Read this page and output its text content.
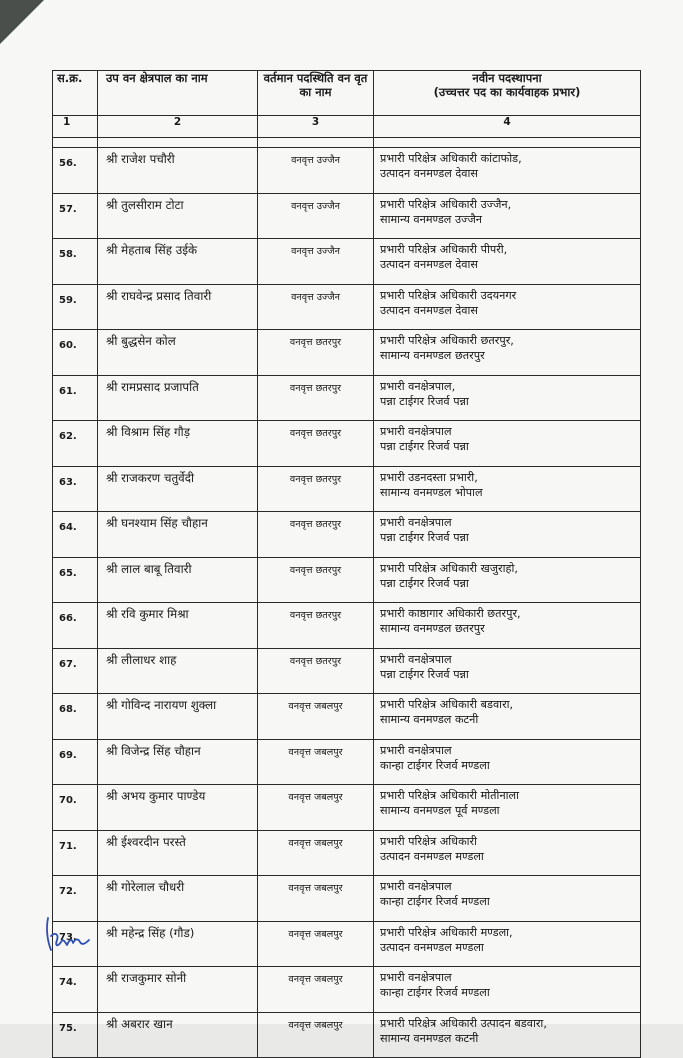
स.क्र.	उप वन क्षेत्रपाल का नाम	वर्तमान पदस्थिति वन वृत का नाम	नवीन पदस्थापना
(उच्चत्तर पद का कार्यवाहक प्रभार)

1	2	3	4

56.	श्री राजेश पचौरी	वनवृत्त उज्जैन	प्रभारी परिक्षेत्र अधिकारी कांटाफोड,
उत्पादन वनमण्डल देवास

57.	श्री तुलसीराम टोटा	वनवृत्त उज्जैन	प्रभारी परिक्षेत्र अधिकारी उज्जैन,
सामान्य वनमण्डल उज्जैन

58.	श्री मेहताब सिंह उईके	वनवृत्त उज्जैन	प्रभारी परिक्षेत्र अधिकारी पीपरी,
उत्पादन वनमण्डल देवास

59.	श्री राघवेन्द्र प्रसाद तिवारी	वनवृत्त उज्जैन	प्रभारी परिक्षेत्र अधिकारी उदयनगर
उत्पादन वनमण्डल देवास

60.	श्री बुद्धसेन कोल	वनवृत्त छतरपुर	प्रभारी परिक्षेत्र अधिकारी छतरपुर,
सामान्य वनमण्डल छतरपुर

61.	श्री रामप्रसाद प्रजापति	वनवृत्त छतरपुर	प्रभारी वनक्षेत्रपाल,
पन्ना टाईगर रिजर्व पन्ना

62.	श्री विश्राम सिंह गौड़	वनवृत्त छतरपुर	प्रभारी वनक्षेत्रपाल
पन्ना टाईगर रिजर्व पन्ना

63.	श्री राजकरण चतुर्वेदी	वनवृत्त छतरपुर	प्रभारी उडनदस्ता प्रभारी,
सामान्य वनमण्डल भोपाल

64.	श्री घनश्याम सिंह चौहान	वनवृत्त छतरपुर	प्रभारी वनक्षेत्रपाल
पन्ना टाईगर रिजर्व पन्ना

65.	श्री लाल बाबू तिवारी	वनवृत्त छतरपुर	प्रभारी परिक्षेत्र अधिकारी खजुराहो,
पन्ना टाईगर रिजर्व पन्ना

66.	श्री रवि कुमार मिश्रा	वनवृत्त छतरपुर	प्रभारी काष्ठागार अधिकारी छतरपुर,
सामान्य वनमण्डल छतरपुर

67.	श्री लीलाधर शाह	वनवृत्त छतरपुर	प्रभारी वनक्षेत्रपाल
पन्ना टाईगर रिजर्व पन्ना

68.	श्री गोविन्द नारायण शुक्ला	वनवृत्त जबलपुर	प्रभारी परिक्षेत्र अधिकारी बडवारा,
सामान्य वनमण्डल कटनी

69.	श्री विजेन्द्र सिंह चौहान	वनवृत्त जबलपुर	प्रभारी वनक्षेत्रपाल
कान्हा टाईगर रिजर्व मण्डला

70.	श्री अभय कुमार पाण्डेय	वनवृत्त जबलपुर	प्रभारी परिक्षेत्र अधिकारी मोतीनाला
सामान्य वनमण्डल पूर्व मण्डला

71.	श्री ईश्वरदीन परस्ते	वनवृत्त जबलपुर	प्रभारी परिक्षेत्र अधिकारी
उत्पादन वनमण्डल मण्डला

72.	श्री गोरेलाल चौधरी	वनवृत्त जबलपुर	प्रभारी वनक्षेत्रपाल
कान्हा टाईगर रिजर्व मण्डला

73.	श्री महेन्द्र सिंह (गौड)	वनवृत्त जबलपुर	प्रभारी परिक्षेत्र अधिकारी मण्डला,
उत्पादन वनमण्डल मण्डला

74.	श्री राजकुमार सोनी	वनवृत्त जबलपुर	प्रभारी वनक्षेत्रपाल
कान्हा टाईगर रिजर्व मण्डला

75.	श्री अबरार खान	वनवृत्त जबलपुर	प्रभारी परिक्षेत्र अधिकारी उत्पादन बडवारा,
सामान्य वनमण्डल कटनी
